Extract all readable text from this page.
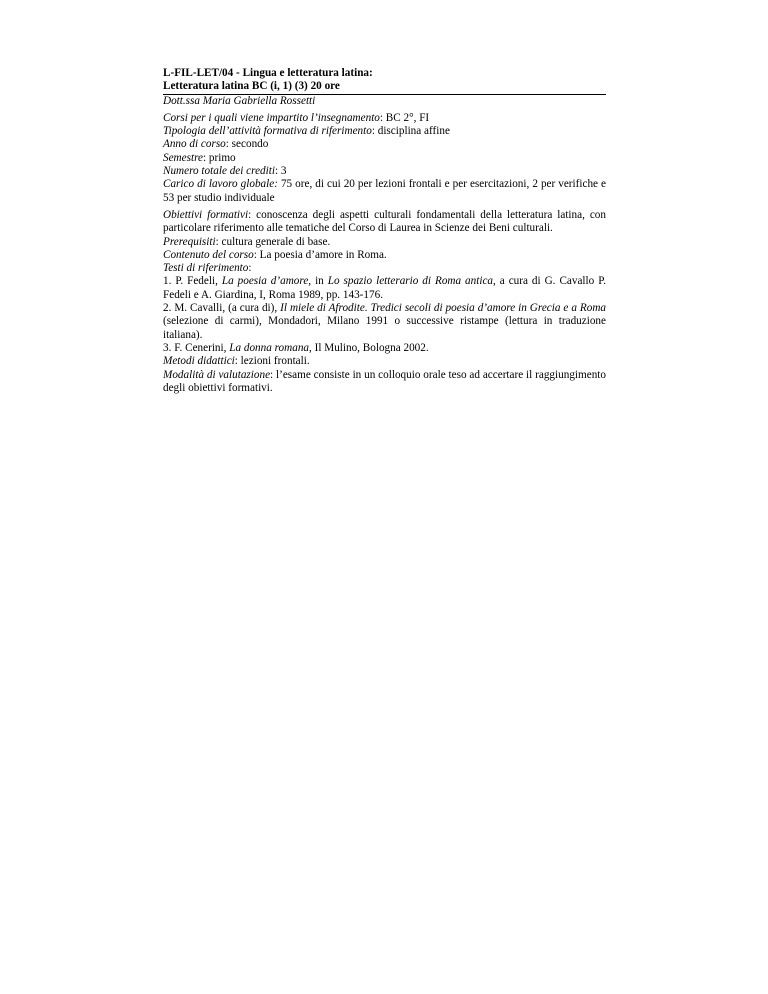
L-FIL-LET/04 - Lingua e letteratura latina:
Letteratura latina BC (i, 1) (3) 20 ore
Dott.ssa Maria Gabriella Rossetti

Corsi per i quali viene impartito l’insegnamento: BC 2°, FI

Tipologia dell’attività formativa di riferimento: disciplina affine

Anno di corso: secondo

Semestre: primo

Numero totale dei crediti: 3

Carico di lavoro globale: 75 ore, di cui 20 per lezioni frontali e per esercitazioni, 2 per verifiche e 53 per studio individuale

Obiettivi formativi: conoscenza degli aspetti culturali fondamentali della letteratura latina, con particolare riferimento alle tematiche del Corso di Laurea in Scienze dei Beni culturali.

Prerequisiti: cultura generale di base.

Contenuto del corso: La poesia d’amore in Roma.

Testi di riferimento:

1. P. Fedeli, La poesia d’amore, in Lo spazio letterario di Roma antica, a cura di G. Cavallo P. Fedeli e A. Giardina, I, Roma 1989, pp. 143-176.

2. M. Cavalli, (a cura di), Il miele di Afrodite. Tredici secoli di poesia d’amore in Grecia e a Roma (selezione di carmi), Mondadori, Milano 1991 o successive ristampe (lettura in traduzione italiana).

3. F. Cenerini, La donna romana, Il Mulino, Bologna 2002.

Metodi didattici: lezioni frontali.

Modalità di valutazione: l’esame consiste in un colloquio orale teso ad accertare il raggiungimento degli obiettivi formativi.
